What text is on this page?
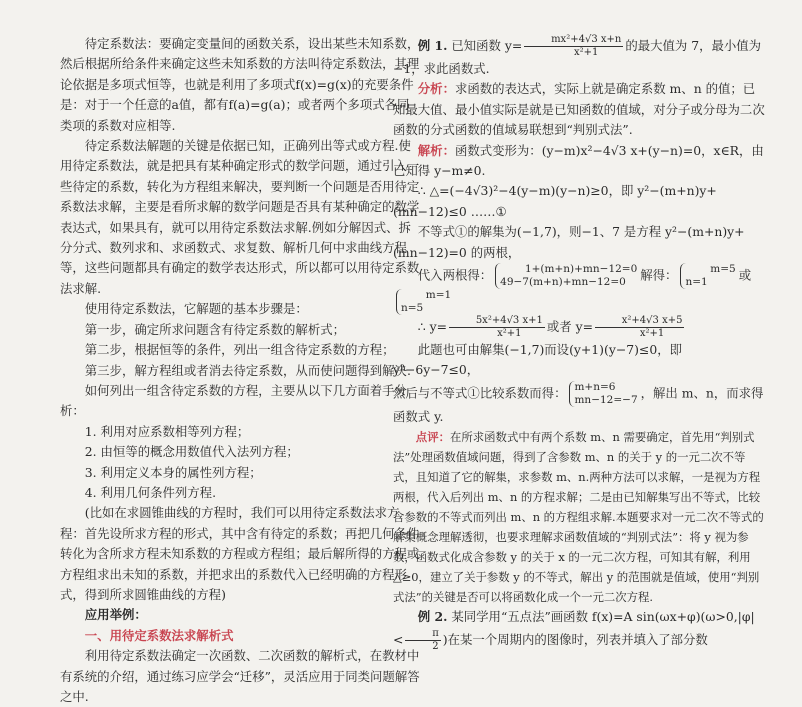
待定系数法：要确定变量间的函数关系，设出某些未知系数，然后根据所给条件来确定这些未知系数的方法叫待定系数法，其理论依据是多项式恒等，也就是利用了多项式f(x)=g(x)的充要条件是：对于一个任意的a值，都有f(a)=g(a)；或者两个多项式各同类项的系数对应相等.

待定系数法解题的关键是依据已知，正确列出等式或方程.使用待定系数法，就是把具有某种确定形式的数学问题，通过引入一些待定的系数，转化为方程组来解决，要判断一个问题是否用待定系数法求解，主要是看所求解的数学问题是否具有某种确定的数学表达式，如果具有，就可以用待定系数法求解.例如分解因式、拆分分式、数列求和、求函数式、求复数、解析几何中求曲线方程等，这些问题都具有确定的数学表达形式，所以都可以用待定系数法求解.

使用待定系数法，它解题的基本步骤是：

第一步，确定所求问题含有待定系数的解析式；

第二步，根据恒等的条件，列出一组含待定系数的方程；

第三步，解方程组或者消去待定系数，从而使问题得到解决.

如何列出一组含待定系数的方程，主要从以下几方面着手分析：

1. 利用对应系数相等列方程；

2. 由恒等的概念用数值代入法列方程；

3. 利用定义本身的属性列方程；

4. 利用几何条件列方程.

(比如在求圆锥曲线的方程时，我们可以用待定系数法求方程：首先设所求方程的形式，其中含有待定的系数；再把几何条件转化为含所求方程未知系数的方程或方程组；最后解所得的方程或方程组求出未知的系数，并把求出的系数代入已经明确的方程形式，得到所求圆锥曲线的方程)

应用举例：

一、用待定系数法求解析式

利用待定系数法确定一次函数、二次函数的解析式，在教材中有系统的介绍，通过练习应学会“迁移”，灵活应用于同类问题解答之中.

例 1. 已知函数 $y= \frac{\text{mx²+4√3 x+n}}{\text{x²+1}}$ 的最大值为 7，最小值为−1，求此函数式.

分析：求函数的表达式，实际上就是确定系数 m、n 的值；已知最大值、最小值实际是就是已知函数的值域，对分子或分母为二次函数的分式函数的值域易联想到“判别式法”.

解析：函数式变形为：(y−m)x²−4√3 x+(y−n)=0，x∈R，由已知得 y−m≠0.

∴ △=(−4√3)²−4(y−m)(y−n)≥0，即 y²−(m+n)y+(mn−12)≤0 ……①

不等式①的解集为(−1,7)，则−1、7 是方程 y²−(m+n)y+(mn−12)=0 的两根，

代入两根得：	1+(m+n)+mn−12=0
49−7(m+n)+mn−12=0 解得：	m=5
n=1 或m=1
n=5

∴ $y= \frac{\text{5x²+4√3 x+1}}{\text{x²+1}}$ 或者 $y= \frac{\text{x²+4√3 x+5}}{\text{x²+1}}$

此题也可由解集(−1,7)而设(y+1)(y−7)≤0，即 y²−6y−7≤0，

然后与不等式①比较系数而得： m+n=6
mn−12=−7 ，解出 m、n，而求得函数式 y.

点评：在所求函数式中有两个系数 m、n 需要确定，首先用“判别式法”处理函数值域问题，得到了含参数 m、n 的关于 y 的一元二次不等式，且知道了它的解集，求参数 m、n.两种方法可以求解，一是视为方程两根，代入后列出 m、n 的方程求解；二是由已知解集写出不等式，比较含参数的不等式而列出 m、n 的方程组求解.本题要求对一元二次不等式的解集概念理解透彻，也要求理解求函数值域的“判别式法”：将 y 视为参数，函数式化成含参数 y 的关于 x 的一元二次方程，可知其有解，利用△≥0，建立了关于参数 y 的不等式，解出 y 的范围就是值域，使用“判别式法”的关键是否可以将函数化成一个一元二次方程.

例 2. 某同学用“五点法”画函数 f(x)=A $\sin(\omega x+\varphi)(\omega>0,|\varphi|< \frac{\pi}{2}$ )在某一个周期内的图像时，列表并填入了部分数
